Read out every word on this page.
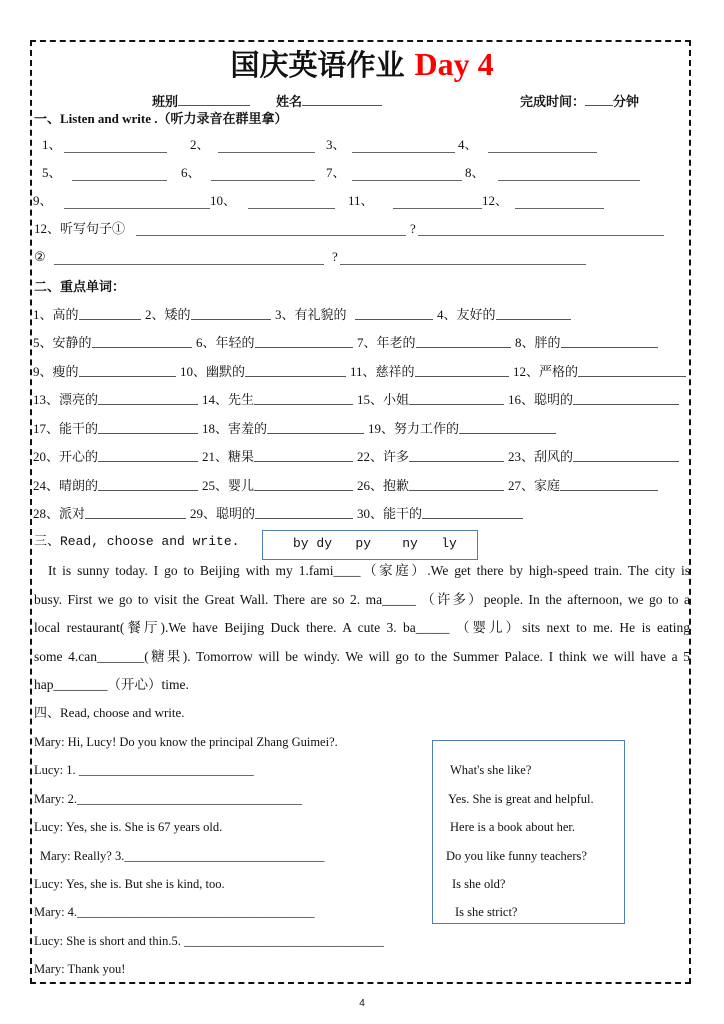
国庆英语作业 Day 4
班别	姓名	完成时间： 分钟
一、Listen and write .（听力录音在群里拿）
1、	2、	3、	4、
5、	6、	7、	8、
9、	10、	11、	12、
12、听写句子①	?
②	?
二、重点单词：
1、高的	2、矮的	3、有礼貌的	4、友好的
5、安静的	6、年轻的	7、年老的	8、胖的
9、瘦的	10、幽默的	11、慈祥的	12、严格的
13、漂亮的	14、先生	15、小姐	16、聪明的
17、能干的	18、害羞的	19、努力工作的
20、开心的	21、糖果	22、许多	23、刮风的
24、晴朗的	25、婴儿	26、抱歉	27、家庭
28、派对	29、聪明的	30、能干的
三、Read, choose and write.	by dy   py    ny   ly
It is sunny today. I go to Beijing with my 1.fami____（家庭）.We get there by high-speed train. The city is
busy. First we go to visit the Great Wall. There are so 2. ma_____ （许多）people. In the afternoon, we go to a
local restaurant(餐厅).We have Beijing Duck there. A cute 3. ba_____ （婴儿）sits next to me. He is eating
some 4.can_______(糖果). Tomorrow will be windy. We will go to the Summer Palace. I think we will have a 5
hap________（开心）time.
四、Read, choose and write.
Mary: Hi, Lucy! Do you know the principal Zhang Guimei?.
Lucy: 1. ____________________________
Mary: 2.____________________________________
Lucy: Yes, she is. She is 67 years old.
Mary: Really? 3.________________________________
Lucy: Yes, she is. But she is kind, too.
Mary: 4.______________________________________
Lucy: She is short and thin.5. ________________________________
Mary: Thank you!
What's she like?
Yes. She is great and helpful.
Here is a book about her.
Do you like funny teachers?
Is she old?
Is she strict?
4
